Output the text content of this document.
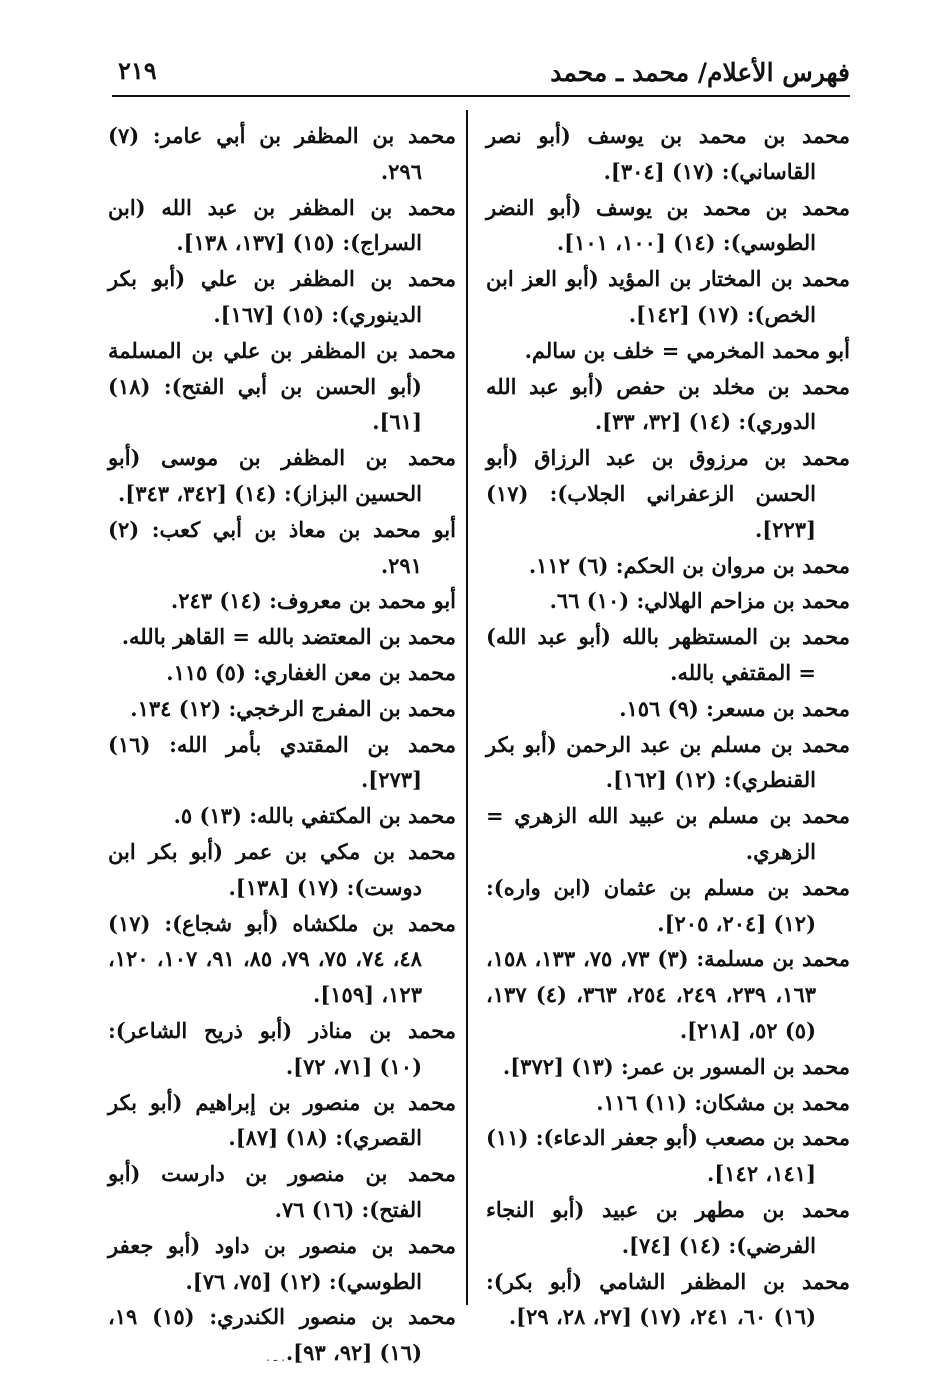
فهرس الأعلام/ محمد ـ محمد
٢١٩

محمد بن محمد بن يوسف (أبو نصر القاساني): (١٧) [٣٠٤].

محمد بن محمد بن يوسف (أبو النضر الطوسي): (١٤) [١٠٠، ١٠١].

محمد بن المختار بن المؤيد (أبو العز ابن الخص): (١٧) [١٤٢].

أبو محمد المخرمي = خلف بن سالم.

محمد بن مخلد بن حفص (أبو عبد الله الدوري): (١٤) [٣٢، ٣٣].

محمد بن مرزوق بن عبد الرزاق (أبو الحسن الزعفراني الجلاب): (١٧) [٢٢٣].

محمد بن مروان بن الحكم: (٦) ١١٢.

محمد بن مزاحم الهلالي: (١٠) ٦٦.

محمد بن المستظهر بالله (أبو عبد الله) = المقتفي بالله.

محمد بن مسعر: (٩) ١٥٦.

محمد بن مسلم بن عبد الرحمن (أبو بكر القنطري): (١٢) [١٦٢].

محمد بن مسلم بن عبيد الله الزهري = الزهري.

محمد بن مسلم بن عثمان (ابن واره): (١٢) [٢٠٤، ٢٠٥].

محمد بن مسلمة: (٣) ٧٣، ٧٥، ١٣٣، ١٥٨، ١٦٣، ٢٣٩، ٢٤٩، ٢٥٤، ٣٦٣، (٤) ١٣٧، (٥) ٥٢، [٢١٨].

محمد بن المسور بن عمر: (١٣) [٣٧٢].

محمد بن مشكان: (١١) ١١٦.

محمد بن مصعب (أبو جعفر الدعاء): (١١) [١٤١، ١٤٢].

محمد بن مطهر بن عبيد (أبو النجاء الفرضي): (١٤) [٧٤].

محمد بن المظفر الشامي (أبو بكر): (١٦) ٦٠، ٢٤١، (١٧) [٢٧، ٢٨، ٢٩].

محمد بن المظفر بن أبي عامر: (٧) ٢٩٦.

محمد بن المظفر بن عبد الله (ابن السراج): (١٥) [١٣٧، ١٣٨].

محمد بن المظفر بن علي (أبو بكر الدينوري): (١٥) [١٦٧].

محمد بن المظفر بن علي بن المسلمة (أبو الحسن بن أبي الفتح): (١٨) [٦١].

محمد بن المظفر بن موسى (أبو الحسين البزاز): (١٤) [٣٤٢، ٣٤٣].

أبو محمد بن معاذ بن أبي كعب: (٢) ٢٩١.

أبو محمد بن معروف: (١٤) ٢٤٣.

محمد بن المعتضد بالله = القاهر بالله.

محمد بن معن الغفاري: (٥) ١١٥.

محمد بن المفرج الرخجي: (١٢) ١٣٤.

محمد بن المقتدي بأمر الله: (١٦) [٢٧٣].

محمد بن المكتفي بالله: (١٣) ٥.

محمد بن مكي بن عمر (أبو بكر ابن دوست): (١٧) [١٣٨].

محمد بن ملكشاه (أبو شجاع): (١٧) ٤٨، ٧٤، ٧٥، ٧٩، ٨٥، ٩١، ١٠٧، ١٢٠، ١٢٣، [١٥٩].

محمد بن مناذر (أبو ذريح الشاعر): (١٠) [٧١، ٧٢].

محمد بن منصور بن إبراهيم (أبو بكر القصري): (١٨) [٨٧].

محمد بن منصور بن دارست (أبو الفتح): (١٦) ٧٦.

محمد بن منصور بن داود (أبو جعفر الطوسي): (١٢) [٧٥، ٧٦].

محمد بن منصور الكندري: (١٥) ١٩، (١٦) [٩٢، ٩٣].

. ـ .
